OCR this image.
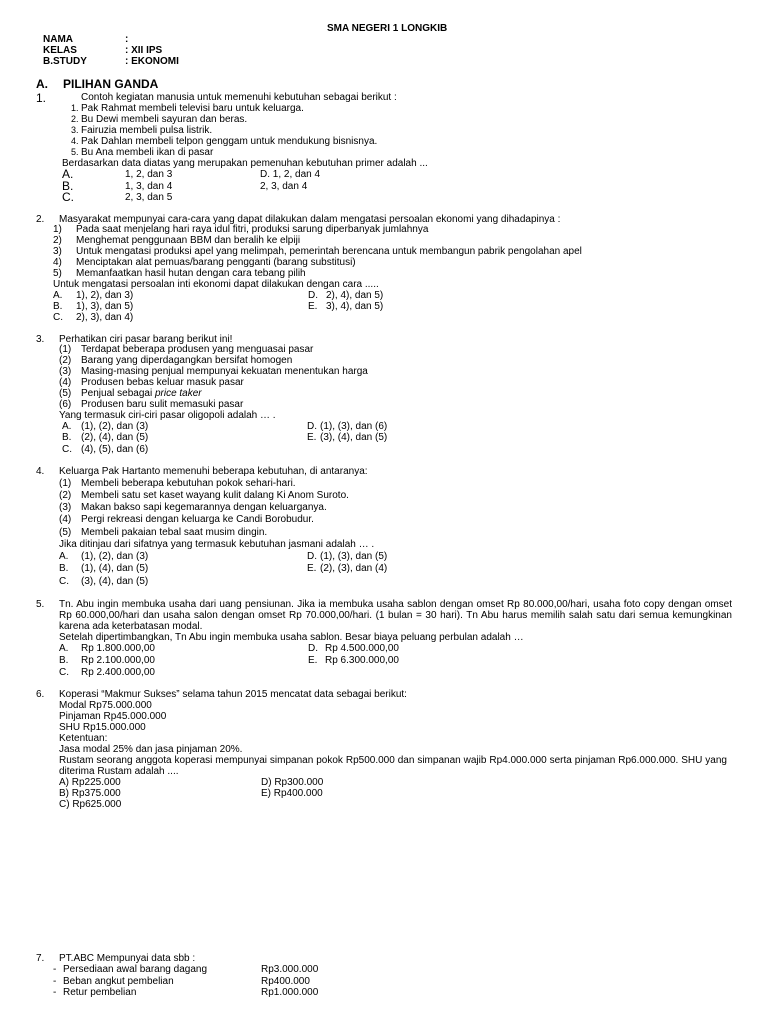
SMA NEGERI 1 LONGKIB
NAMA	:
KELAS	: XII IPS
B.STUDY	: EKONOMI
A. PILIHAN GANDA
1.	Contoh kegiatan manusia untuk memenuhi kebutuhan sebagai berikut :
1. Pak Rahmat membeli televisi baru untuk keluarga.
2. Bu Dewi membeli sayuran dan beras.
3. Fairuzia membeli pulsa listrik.
4. Pak Dahlan membeli telpon genggam untuk mendukung bisnisnya.
5. Bu Ana membeli ikan di pasar
Berdasarkan data diatas yang merupakan pemenuhan kebutuhan primer adalah ...
A.	1, 2, dan 3
B.	1, 3, dan 4
C.	2, 3, dan 5
D. 1, 2, dan 4
2, 3, dan 4
2. Masyarakat mempunyai cara-cara yang dapat dilakukan dalam mengatasi persoalan ekonomi yang dihadapinya :
1) Pada saat menjelang hari raya idul fitri, produksi sarung diperbanyak jumlahnya
2) Menghemat penggunaan BBM dan beralih ke elpiji
3) Untuk mengatasi produksi apel yang melimpah, pemerintah berencana untuk membangun pabrik pengolahan apel
4) Menciptakan alat pemuas/barang pengganti (barang substitusi)
5) Memanfaatkan hasil hutan dengan cara tebang pilih
Untuk mengatasi persoalan inti ekonomi dapat dilakukan dengan cara .....
A. 1), 2), dan 3)
B. 1), 3), dan 5)
C. 2), 3), dan 4)
D. 2), 4), dan 5)
E. 3), 4), dan 5)
3. Perhatikan ciri pasar barang berikut ini!
(1) Terdapat beberapa produsen yang menguasai pasar
(2) Barang yang diperdagangkan bersifat homogen
(3) Masing-masing penjual mempunyai kekuatan menentukan harga
(4) Produsen bebas keluar masuk pasar
(5) Penjual sebagai price taker
(6) Produsen baru sulit memasuki pasar
Yang termasuk ciri-ciri pasar oligopoli adalah … .
A. (1), (2), dan (3)
B. (2), (4), dan (5)
C. (4), (5), dan (6)
D. (1), (3), dan (6)
E. (3), (4), dan (5)
4. Keluarga Pak Hartanto memenuhi beberapa kebutuhan, di antaranya:
(1) Membeli beberapa kebutuhan pokok sehari-hari.
(2) Membeli satu set kaset wayang kulit dalang Ki Anom Suroto.
(3) Makan bakso sapi kegemarannya dengan keluarganya.
(4) Pergi rekreasi dengan keluarga ke Candi Borobudur.
(5) Membeli pakaian tebal saat musim dingin.
Jika ditinjau dari sifatnya yang termasuk kebutuhan jasmani adalah … .
A. (1), (2), dan (3)
B. (1), (4), dan (5)
C. (3), (4), dan (5)
D. (1), (3), dan (5)
E. (2), (3), dan (4)
5. Tn. Abu ingin membuka usaha dari uang pensiunan. Jika ia membuka usaha sablon dengan omset Rp 80.000,00/hari, usaha foto copy dengan omset Rp 60.000,00/hari dan usaha salon dengan omset Rp 70.000,00/hari. (1 bulan = 30 hari). Tn Abu harus memilih salah satu dari semua kemungkinan karena ada keterbatasan modal.
Setelah dipertimbangkan, Tn Abu ingin membuka usaha sablon. Besar biaya peluang perbulan adalah …
A. Rp 1.800.000,00
B. Rp 2.100.000,00
C. Rp 2.400.000,00
D. Rp 4.500.000,00
E. Rp 6.300.000,00
6. Koperasi “Makmur Sukses” selama tahun 2015 mencatat data sebagai berikut:
Modal Rp75.000.000
Pinjaman Rp45.000.000
SHU Rp15.000.000
Ketentuan:
Jasa modal 25% dan jasa pinjaman 20%.
Rustam seorang anggota koperasi mempunyai simpanan pokok Rp500.000 dan simpanan wajib Rp4.000.000 serta pinjaman Rp6.000.000. SHU yang diterima Rustam adalah ....
A) Rp225.000
B) Rp375.000
C) Rp625.000
D) Rp300.000
E) Rp400.000
7. PT.ABC Mempunyai data sbb :
- Persediaan awal barang dagang	Rp3.000.000
- Beban angkut pembelian	Rp400.000
- Retur pembelian	Rp1.000.000
